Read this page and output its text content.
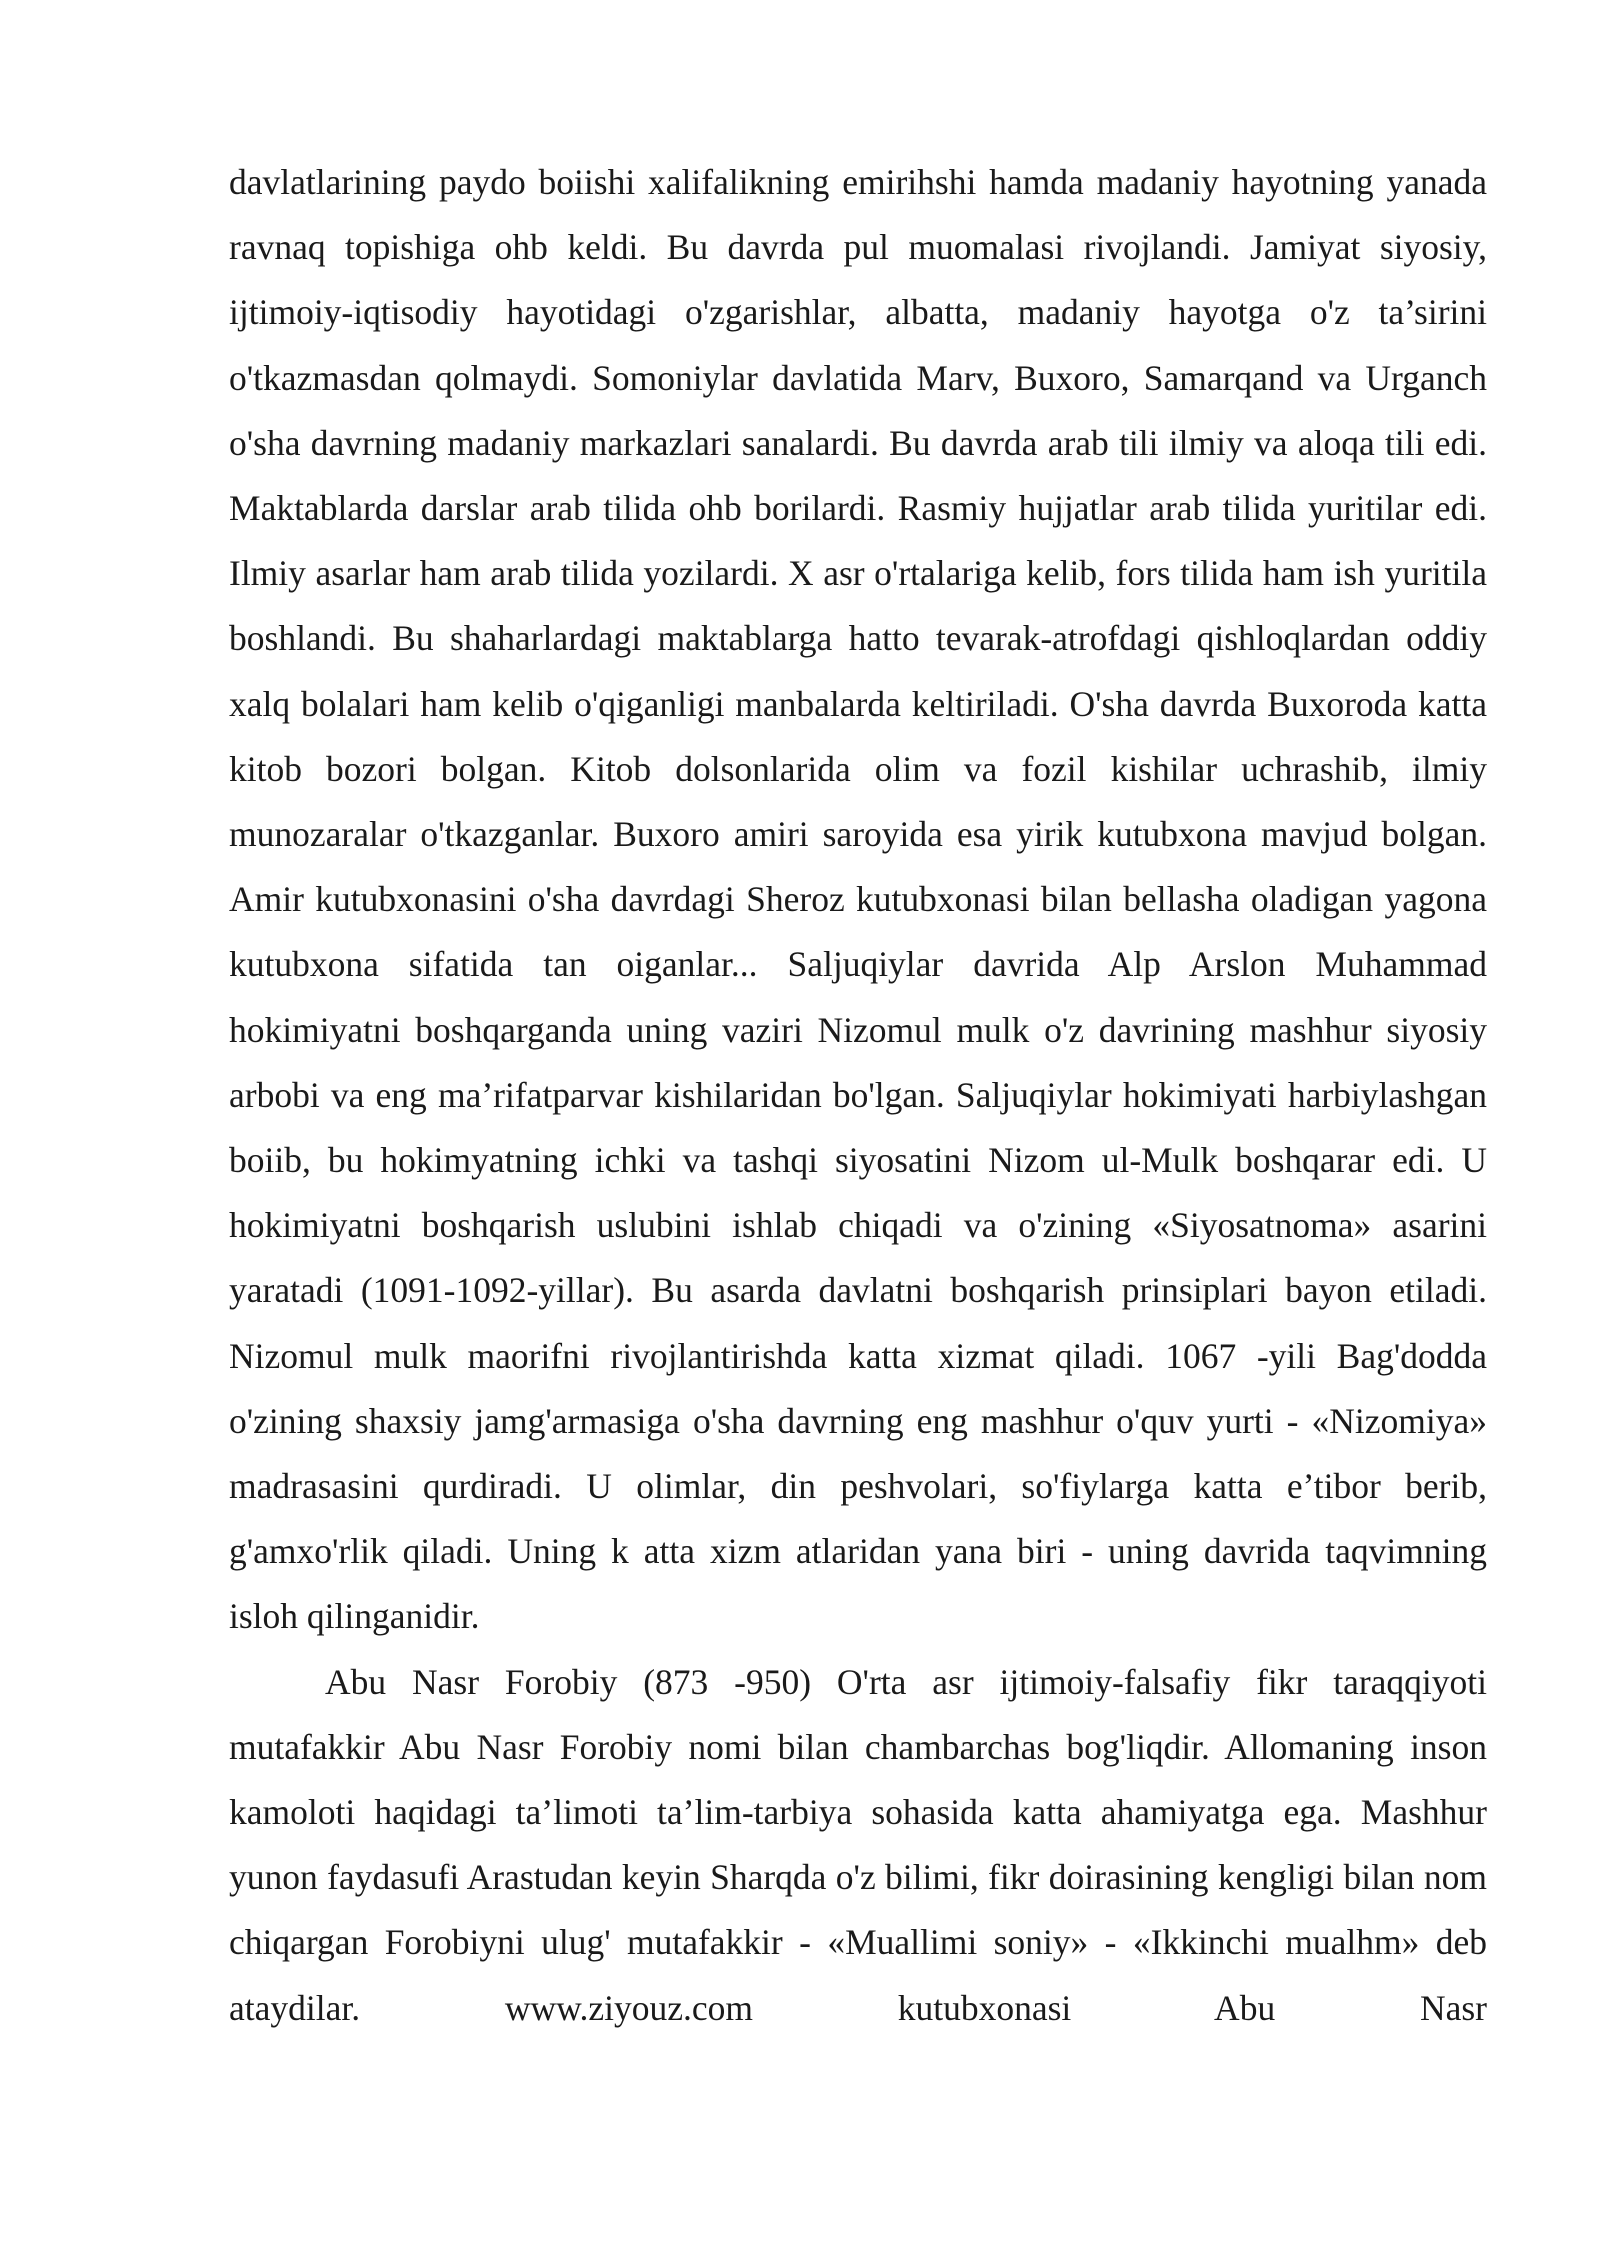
davlatlarining paydo boiishi xalifalikning emirihshi hamda madaniy hayotning yanada ravnaq topishiga ohb keldi. Bu davrda pul muomalasi rivojlandi. Jamiyat siyosiy, ijtimoiy-iqtisodiy hayotidagi o'zgarishlar, albatta, madaniy hayotga o'z ta’sirini o'tkazmasdan qolmaydi. Somoniylar davlatida Marv, Buxoro, Samarqand va Urganch o'sha davrning madaniy markazlari sanalardi. Bu davrda arab tili ilmiy va aloqa tili edi. Maktablarda darslar arab tilida ohb borilardi. Rasmiy hujjatlar arab tilida yuritilar edi. Ilmiy asarlar ham arab tilida yozilardi. X asr o'rtalariga kelib, fors tilida ham ish yuritila boshlandi. Bu shaharlardagi maktablarga hatto tevarak-atrofdagi qishloqlardan oddiy xalq bolalari ham kelib o'qiganligi manbalarda keltiriladi. O'sha davrda Buxoroda katta kitob bozori bolgan. Kitob dolsonlarida olim va fozil kishilar uchrashib, ilmiy munozaralar o'tkazganlar. Buxoro amiri saroyida esa yirik kutubxona mavjud bolgan. Amir kutubxonasini o'sha davrdagi Sheroz kutubxonasi bilan bellasha oladigan yagona kutubxona sifatida tan oiganlar... Saljuqiylar davrida Alp Arslon Muhammad hokimiyatni boshqarganda uning vaziri Nizomul mulk o'z davrining mashhur siyosiy arbobi va eng ma’rifatparvar kishilaridan bo'lgan. Saljuqiylar hokimiyati harbiylashgan boiib, bu hokimyatning ichki va tashqi siyosatini Nizom ul-Mulk boshqarar edi. U hokimiyatni boshqarish uslubini ishlab chiqadi va o'zining «Siyosatnoma» asarini yaratadi (1091-1092-yillar). Bu asarda davlatni boshqarish prinsiplari bayon etiladi. Nizomul mulk maorifni rivojlantirishda katta xizmat qiladi. 1067 -yili Bag'dodda o'zining shaxsiy jamg'armasiga o'sha davrning eng mashhur o'quv yurti - «Nizomiya» madrasasini qurdiradi. U olimlar, din peshvolari, so'fiylarga katta e’tibor berib, g'amxo'rlik qiladi. Uning k atta xizm atlaridan yana biri - uning davrida taqvimning isloh qilinganidir.

Abu Nasr Forobiy (873 -950) O'rta asr ijtimoiy-falsafiy fikr taraqqiyoti mutafakkir Abu Nasr Forobiy nomi bilan chambarchas bog'liqdir. Allomaning inson kamoloti haqidagi ta’limoti ta’lim-tarbiya sohasida katta ahamiyatga ega. Mashhur yunon faydasufi Arastudan keyin Sharqda o'z bilimi, fikr doirasining kengligi bilan nom chiqargan Forobiyni ulug' mutafakkir - «Muallimi soniy» - «Ikkinchi mualhm» deb ataydilar. www.ziyouz.com kutubxonasi Abu Nasr
